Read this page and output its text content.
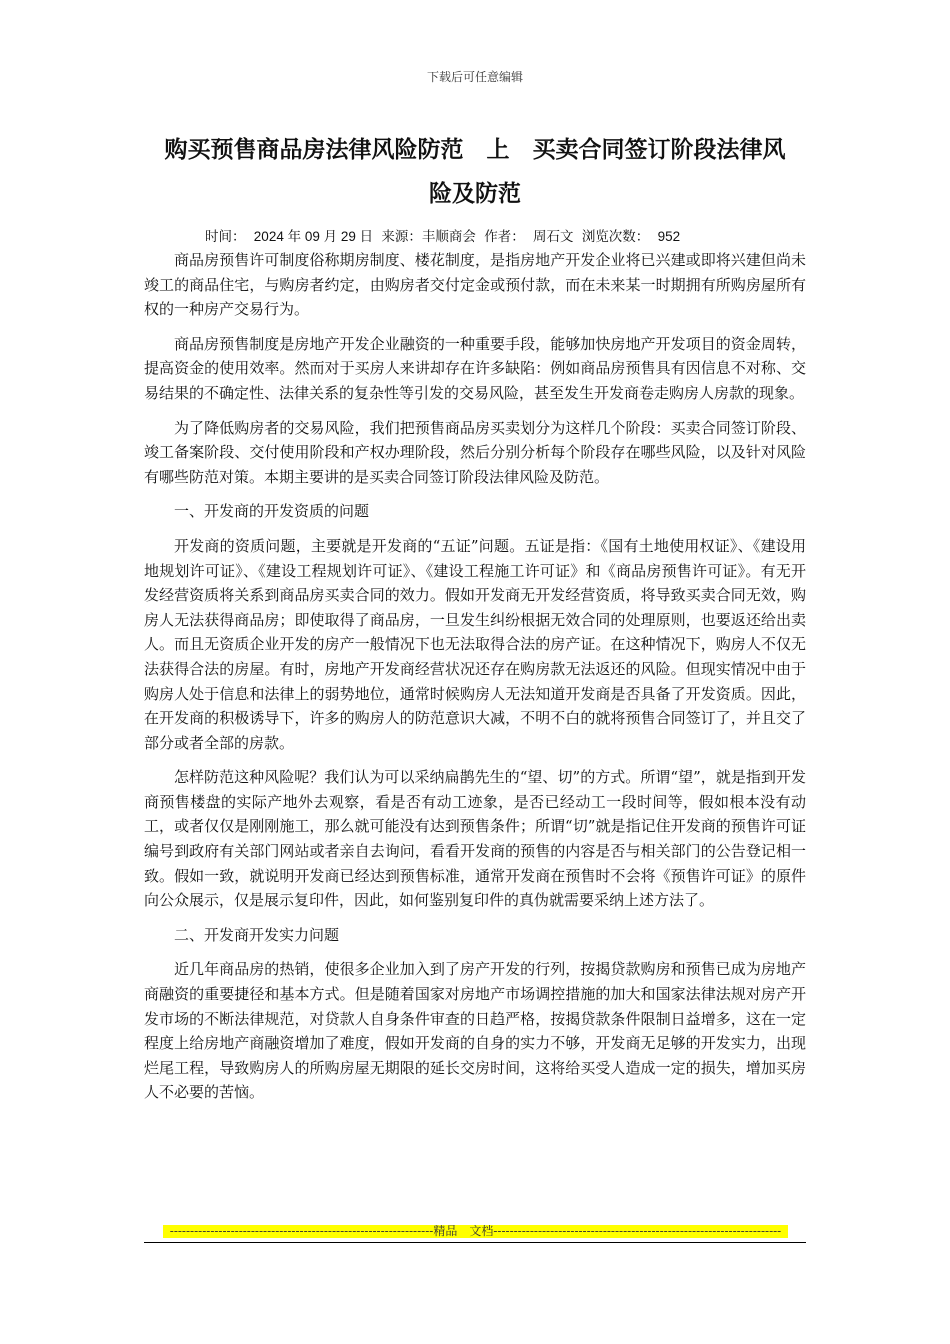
下载后可任意编辑
购买预售商品房法律风险防范　上　买卖合同签订阶段法律风
险及防范
时间： 2024 年 09 月 29 日 来源：丰顺商会 作者： 周石文 浏览次数： 952

商品房预售许可制度俗称期房制度、楼花制度，是指房地产开发企业将已兴建或即将兴建但尚未竣工的商品住宅，与购房者约定，由购房者交付定金或预付款，而在未来某一时期拥有所购房屋所有权的一种房产交易行为。

商品房预售制度是房地产开发企业融资的一种重要手段，能够加快房地产开发项目的资金周转，提高资金的使用效率。然而对于买房人来讲却存在许多缺陷：例如商品房预售具有因信息不对称、交易结果的不确定性、法律关系的复杂性等引发的交易风险，甚至发生开发商卷走购房人房款的现象。

为了降低购房者的交易风险，我们把预售商品房买卖划分为这样几个阶段：买卖合同签订阶段、竣工备案阶段、交付使用阶段和产权办理阶段，然后分别分析每个阶段存在哪些风险，以及针对风险有哪些防范对策。本期主要讲的是买卖合同签订阶段法律风险及防范。

一、开发商的开发资质的问题

开发商的资质问题，主要就是开发商的“五证”问题。五证是指：《国有土地使用权证》、《建设用地规划许可证》、《建设工程规划许可证》、《建设工程施工许可证》和《商品房预售许可证》。有无开发经营资质将关系到商品房买卖合同的效力。假如开发商无开发经营资质，将导致买卖合同无效，购房人无法获得商品房；即使取得了商品房，一旦发生纠纷根据无效合同的处理原则，也要返还给出卖人。而且无资质企业开发的房产一般情况下也无法取得合法的房产证。在这种情况下，购房人不仅无法获得合法的房屋。有时，房地产开发商经营状况还存在购房款无法返还的风险。但现实情况中由于购房人处于信息和法律上的弱势地位，通常时候购房人无法知道开发商是否具备了开发资质。因此，在开发商的积极诱导下，许多的购房人的防范意识大减，不明不白的就将预售合同签订了，并且交了部分或者全部的房款。

怎样防范这种风险呢？我们认为可以采纳扁鹊先生的“望、切”的方式。所谓“望”，就是指到开发商预售楼盘的实际产地外去观察，看是否有动工迹象，是否已经动工一段时间等，假如根本没有动工，或者仅仅是刚刚施工，那么就可能没有达到预售条件；所谓“切”就是指记住开发商的预售许可证编号到政府有关部门网站或者亲自去询问，看看开发商的预售的内容是否与相关部门的公告登记相一致。假如一致，就说明开发商已经达到预售标准，通常开发商在预售时不会将《预售许可证》的原件向公众展示，仅是展示复印件，因此，如何鉴别复印件的真伪就需要采纳上述方法了。

二、开发商开发实力问题

近几年商品房的热销，使很多企业加入到了房产开发的行列，按揭贷款购房和预售已成为房地产商融资的重要捷径和基本方式。但是随着国家对房地产市场调控措施的加大和国家法律法规对房产开发市场的不断法律规范，对贷款人自身条件审查的日趋严格，按揭贷款条件限制日益增多，这在一定程度上给房地产商融资增加了难度，假如开发商的自身的实力不够，开发商无足够的开发实力，出现烂尾工程，导致购房人的所购房屋无期限的延长交房时间，这将给买受人造成一定的损失，增加买房人不必要的苦恼。

-----------------------------------------------------------------精品　文档-----------------------------------------------------------------------
